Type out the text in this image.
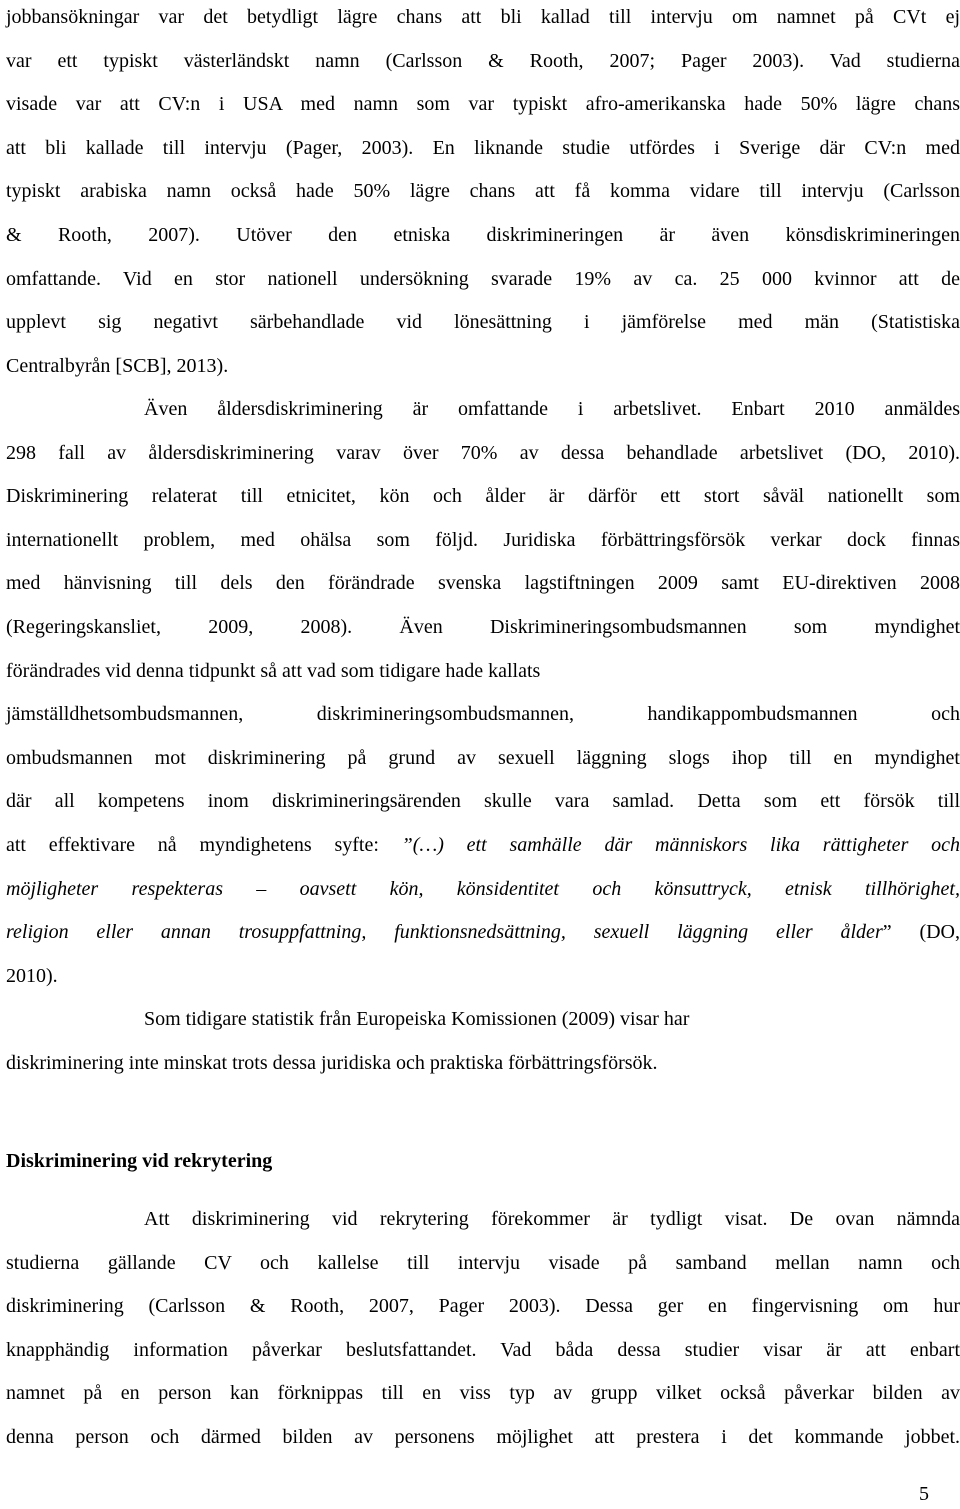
jobbansökningar var det betydligt lägre chans att bli kallad till intervju om namnet på CVt ej
var ett typiskt västerländskt namn (Carlsson & Rooth, 2007; Pager 2003). Vad studierna
visade var att CV:n i USA med namn som var typiskt afro-amerikanska hade 50% lägre chans
att bli kallade till intervju (Pager, 2003). En liknande studie utfördes i Sverige där CV:n med
typiskt arabiska namn också hade 50% lägre chans att få komma vidare till intervju (Carlsson
& Rooth, 2007). Utöver den etniska diskrimineringen är även könsdiskrimineringen
omfattande. Vid en stor nationell undersökning svarade 19% av ca. 25 000 kvinnor att de
upplevt sig negativt särbehandlade vid lönesättning i jämförelse med män (Statistiska
Centralbyrån [SCB], 2013).
Även åldersdiskriminering är omfattande i arbetslivet. Enbart 2010 anmäldes
298 fall av åldersdiskriminering varav över 70% av dessa behandlade arbetslivet (DO, 2010).
Diskriminering relaterat till etnicitet, kön och ålder är därför ett stort såväl nationellt som
internationellt problem, med ohälsa som följd. Juridiska förbättringsförsök verkar dock finnas
med hänvisning till dels den förändrade svenska lagstiftningen 2009 samt EU-direktiven 2008
(Regeringskansliet, 2009, 2008). Även Diskrimineringsombudsmannen som myndighet
förändrades vid denna tidpunkt så att vad som tidigare hade kallats
jämställdhetsombudsmannen, diskrimineringsombudsmannen, handikappombudsmannen och
ombudsmannen mot diskriminering på grund av sexuell läggning slogs ihop till en myndighet
där all kompetens inom diskrimineringsärenden skulle vara samlad. Detta som ett försök till
att effektivare nå myndighetens syfte: ”(…) ett samhälle där människors lika rättigheter och
möjligheter respekteras – oavsett kön, könsidentitet och könsuttryck, etnisk tillhörighet,
religion eller annan trosuppfattning, funktionsnedsättning, sexuell läggning eller ålder” (DO,
2010).
Som tidigare statistik från Europeiska Komissionen (2009) visar har
diskriminering inte minskat trots dessa juridiska och praktiska förbättringsförsök.
Diskriminering vid rekrytering
Att diskriminering vid rekrytering förekommer är tydligt visat. De ovan nämnda
studierna gällande CV och kallelse till intervju visade på samband mellan namn och
diskriminering (Carlsson & Rooth, 2007, Pager 2003). Dessa ger en fingervisning om hur
knapphändig information påverkar beslutsfattandet. Vad båda dessa studier visar är att enbart
namnet på en person kan förknippas till en viss typ av grupp vilket också påverkar bilden av
denna person och därmed bilden av personens möjlighet att prestera i det kommande jobbet.
5
